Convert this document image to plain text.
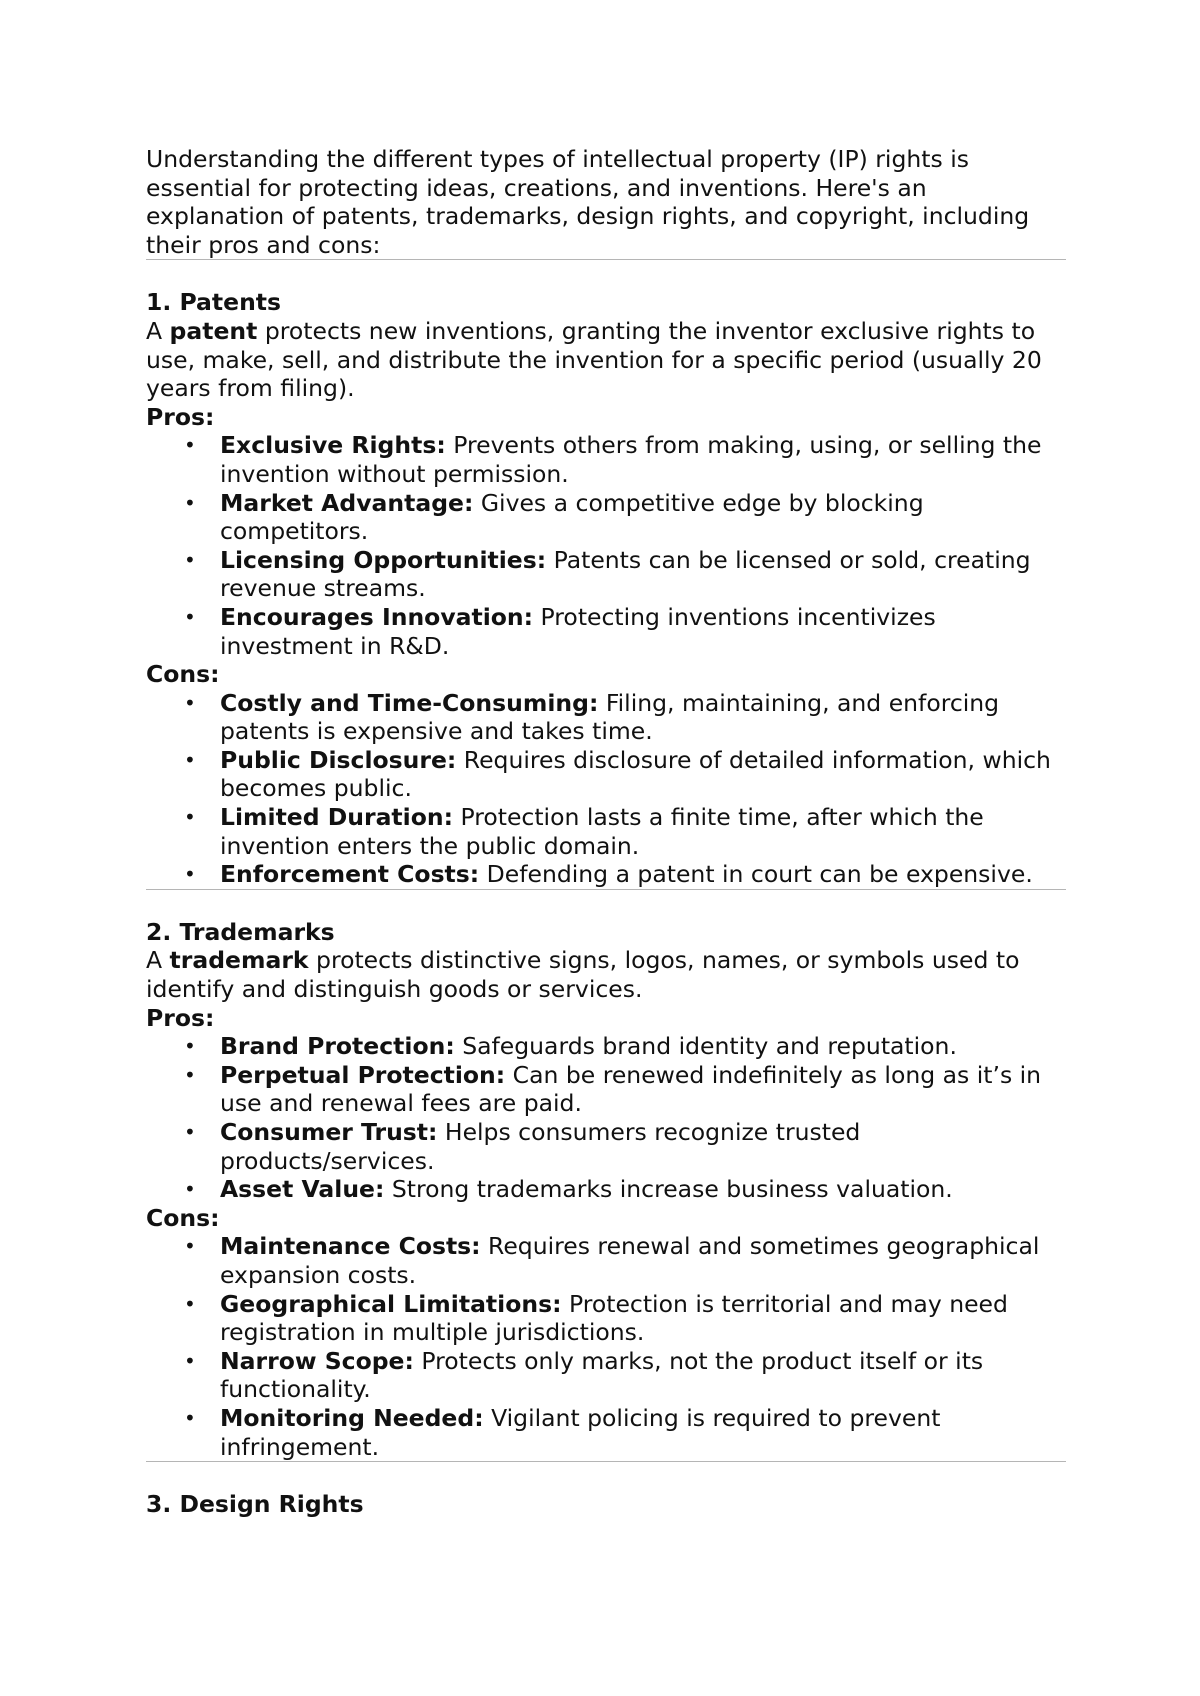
Understanding the different types of intellectual property (IP) rights is essential for protecting ideas, creations, and inventions. Here's an explanation of patents, trademarks, design rights, and copyright, including their pros and cons:

1. Patents

A patent protects new inventions, granting the inventor exclusive rights to use, make, sell, and distribute the invention for a specific period (usually 20 years from filing).

Pros:

• Exclusive Rights: Prevents others from making, using, or selling the invention without permission.
• Market Advantage: Gives a competitive edge by blocking competitors.
• Licensing Opportunities: Patents can be licensed or sold, creating revenue streams.
• Encourages Innovation: Protecting inventions incentivizes investment in R&D.

Cons:

• Costly and Time-Consuming: Filing, maintaining, and enforcing patents is expensive and takes time.
• Public Disclosure: Requires disclosure of detailed information, which becomes public.
• Limited Duration: Protection lasts a finite time, after which the invention enters the public domain.
• Enforcement Costs: Defending a patent in court can be expensive.

2. Trademarks

A trademark protects distinctive signs, logos, names, or symbols used to identify and distinguish goods or services.

Pros:

• Brand Protection: Safeguards brand identity and reputation.
• Perpetual Protection: Can be renewed indefinitely as long as it’s in use and renewal fees are paid.
• Consumer Trust: Helps consumers recognize trusted products/services.
• Asset Value: Strong trademarks increase business valuation.

Cons:

• Maintenance Costs: Requires renewal and sometimes geographical expansion costs.
• Geographical Limitations: Protection is territorial and may need registration in multiple jurisdictions.
• Narrow Scope: Protects only marks, not the product itself or its functionality.
• Monitoring Needed: Vigilant policing is required to prevent infringement.

3. Design Rights
